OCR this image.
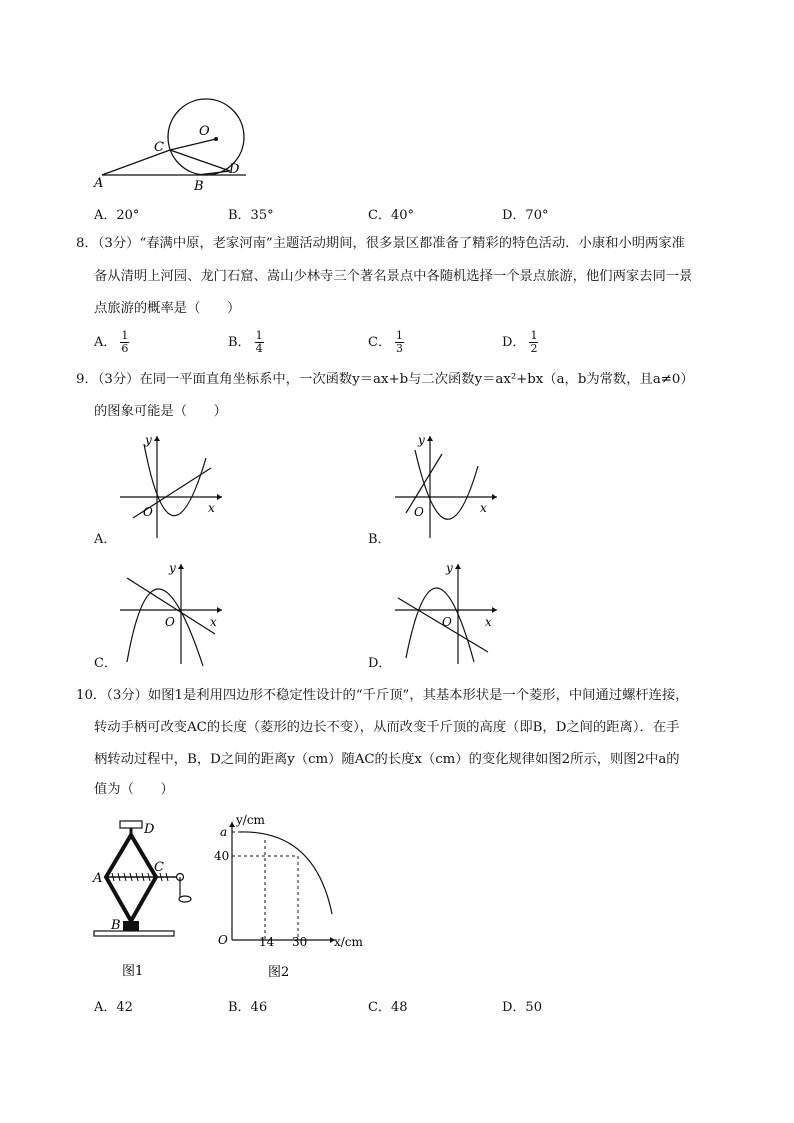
O
C
D
A	B
A．20°	B．35°	C．40°	D．70°
8．（3分）“春满中原，老家河南”主题活动期间，很多景区都准备了精彩的特色活动．小康和小明两家准
备从清明上河园、龙门石窟、嵩山少林寺三个著名景点中各随机选择一个景点旅游，他们两家去同一景
点旅游的概率是（　　）
A． $\frac{1}{6}$	B． $\frac{1}{4}$	C． $\frac{1}{3}$	D． $\frac{1}{2}$
9．（3分）在同一平面直角坐标系中，一次函数y＝ax+b与二次函数y＝ax²+bx（a，b为常数，且a≠0）
的图象可能是（　　）
y
x
O
A．
y
x
O
B．
y
x
O
C．
y
x
O
D．
10．（3分）如图1是利用四边形不稳定性设计的“千斤顶”，其基本形状是一个菱形，中间通过螺杆连接，
转动手柄可改变AC的长度（菱形的边长不变），从而改变千斤顶的高度（即B，D之间的距离）．在手
柄转动过程中，B，D之间的距离y（cm）随AC的长度x（cm）的变化规律如图2所示，则图2中a的
值为（　　）
D
A
C
B
图1
y/cm
a
40
O	14 30 x/cm
图2
A．42	B．46	C．48	D．50
